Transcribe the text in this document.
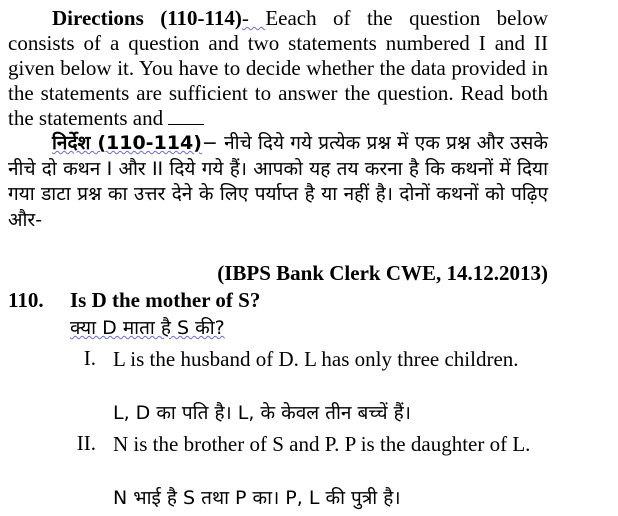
Directions (110-114)- Eeach of the question below consists of a question and two statements numbered I and II given below it. You have to decide whether the data provided in the statements are sufficient to answer the question. Read both the statements and
निर्देश (110-114)− नीचे दिये गये प्रत्येक प्रश्न में एक प्रश्न और उसके नीचे दो कथन I और II दिये गये हैं। आपको यह तय करना है कि कथनों में दिया गया डाटा प्रश्न का उत्तर देने के लिए पर्याप्त है या नहीं है। दोनों कथनों को पढ़िए और-
(IBPS Bank Clerk CWE, 14.12.2013)
110. Is D the mother of S?
क्या D माता है S की?
I. L is the husband of D. L has only three children.
L, D का पति है। L, के केवल तीन बच्चें हैं।
II. N is the brother of S and P. P is the daughter of L.
N भाई है S तथा P का। P, L की पुत्री है।
